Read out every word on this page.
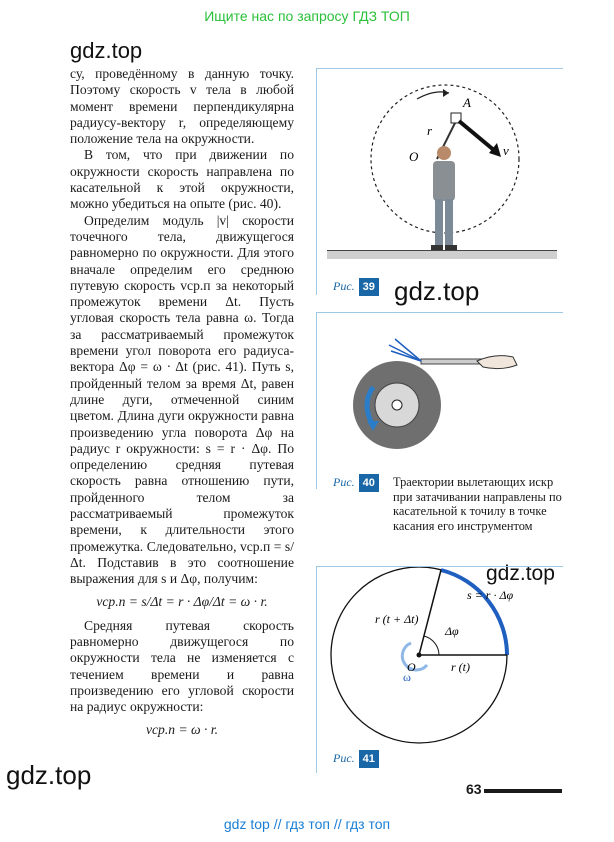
Ищите нас по запросу ГДЗ ТОП
gdz.top
gdz.top
gdz.top
gdz.top

су, проведённому в данную точку. Поэтому скорость v тела в любой момент времени перпендикулярна радиусу-вектору r, определяющему положение тела на окружности.

В том, что при движении по окружности скорость направлена по касательной к этой окружности, можно убедиться на опыте (рис. 40).

Определим модуль |v| скорости точечного тела, движущегося равномерно по окружности. Для этого вначале определим его среднюю путевую скорость vср.п за некоторый промежуток времени Δt. Пусть угловая скорость тела равна ω. Тогда за рассматриваемый промежуток времени угол поворота его радиуса-вектора Δφ = ω · Δt (рис. 41). Путь s, пройденный телом за время Δt, равен длине дуги, отмеченной синим цветом. Длина дуги окружности равна произведению угла поворота Δφ на радиус r окружности: s = r · Δφ. По определению средняя путевая скорость равна отношению пути, пройденного телом за рассматриваемый промежуток времени, к длительности этого промежутка. Следовательно, vср.п = s/Δt. Подставив в это соотношение выражения для s и Δφ, получим:

vср.п = s/Δt = r · Δφ/Δt = ω · r.

Средняя путевая скорость равномерно движущегося по окружности тела не изменяется с течением времени и равна произведению его угловой скорости на радиус окружности:

vср.п = ω · r.
A
O
r
v
Рис. 39
Рис. 40	Траектории вылетающих искр при затачивании направлены по касательной к точилу в точке касания его инструментом
s = r · Δφ
r (t + Δt)
Δφ
O	r (t)
ω
Рис. 41
63
gdz top // гдз топ // гдз топ
